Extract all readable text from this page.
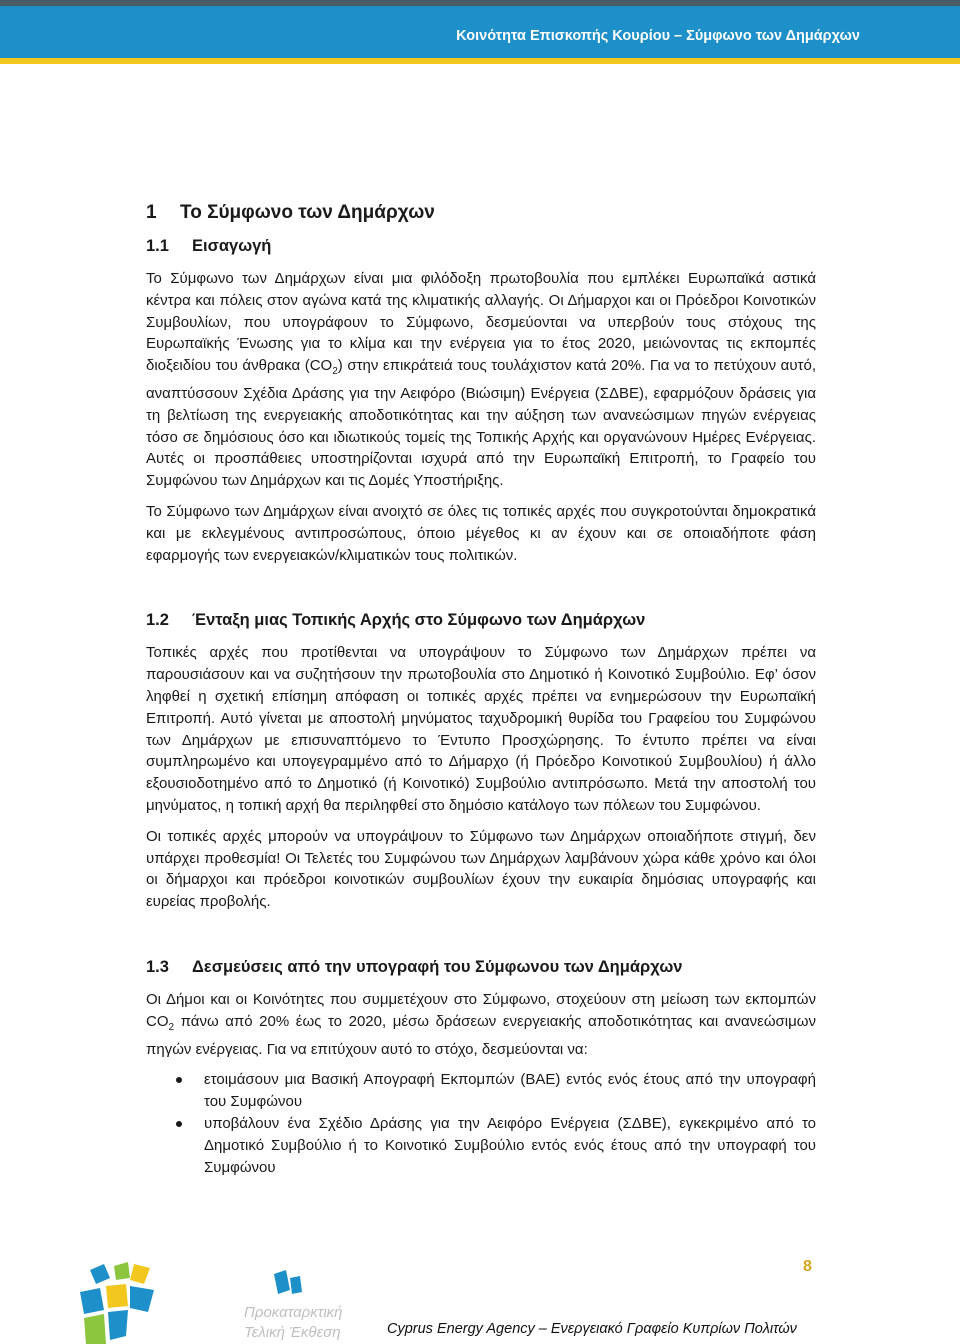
Κοινότητα Επισκοπής Κουρίου – Σύμφωνο των Δημάρχων
1 Το Σύμφωνο των Δημάρχων
1.1 Εισαγωγή

Το Σύμφωνο των Δημάρχων είναι μια φιλόδοξη πρωτοβουλία που εμπλέκει Ευρωπαϊκά αστικά κέντρα και πόλεις στον αγώνα κατά της κλιματικής αλλαγής. Οι Δήμαρχοι και οι Πρόεδροι Κοινοτικών Συμβουλίων, που υπογράφουν το Σύμφωνο, δεσμεύονται να υπερβούν τους στόχους της Ευρωπαϊκής Ένωσης για το κλίμα και την ενέργεια για το έτος 2020, μειώνοντας τις εκπομπές διοξειδίου του άνθρακα $(CO_2)$ στην επικράτειά τους τουλάχιστον κατά 20%. Για να το πετύχουν αυτό, αναπτύσσουν Σχέδια Δράσης για την Αειφόρο (Βιώσιμη) Ενέργεια (ΣΔΒΕ), εφαρμόζουν δράσεις για τη βελτίωση της ενεργειακής αποδοτικότητας και την αύξηση των ανανεώσιμων πηγών ενέργειας τόσο σε δημόσιους όσο και ιδιωτικούς τομείς της Τοπικής Αρχής και οργανώνουν Ημέρες Ενέργειας. Αυτές οι προσπάθειες υποστηρίζονται ισχυρά από την Ευρωπαϊκή Επιτροπή, το Γραφείο του Συμφώνου των Δημάρχων και τις Δομές Υποστήριξης.

Το Σύμφωνο των Δημάρχων είναι ανοιχτό σε όλες τις τοπικές αρχές που συγκροτούνται δημοκρατικά και με εκλεγμένους αντιπροσώπους, όποιο μέγεθος κι αν έχουν και σε οποιαδήποτε φάση εφαρμογής των ενεργειακών/κλιματικών τους πολιτικών.

1.2 Ένταξη μιας Τοπικής Αρχής στο Σύμφωνο των Δημάρχων

Τοπικές αρχές που προτίθενται να υπογράψουν το Σύμφωνο των Δημάρχων πρέπει να παρουσιάσουν και να συζητήσουν την πρωτοβουλία στο Δημοτικό ή Κοινοτικό Συμβούλιο. Εφ’ όσον ληφθεί η σχετική επίσημη απόφαση οι τοπικές αρχές πρέπει να ενημερώσουν την Ευρωπαϊκή Επιτροπή. Αυτό γίνεται με αποστολή μηνύματος ταχυδρομική θυρίδα του Γραφείου του Συμφώνου των Δημάρχων με επισυναπτόμενο το Έντυπο Προσχώρησης. Το έντυπο πρέπει να είναι συμπληρωμένο και υπογεγραμμένο από το Δήμαρχο (ή Πρόεδρο Κοινοτικού Συμβουλίου) ή άλλο εξουσιοδοτημένο από το Δημοτικό (ή Κοινοτικό) Συμβούλιο αντιπρόσωπο. Μετά την αποστολή του μηνύματος, η τοπική αρχή θα περιληφθεί στο δημόσιο κατάλογο των πόλεων του Συμφώνου.

Οι τοπικές αρχές μπορούν να υπογράψουν το Σύμφωνο των Δημάρχων οποιαδήποτε στιγμή, δεν υπάρχει προθεσμία! Οι Τελετές του Συμφώνου των Δημάρχων λαμβάνουν χώρα κάθε χρόνο και όλοι οι δήμαρχοι και πρόεδροι κοινοτικών συμβουλίων έχουν την ευκαιρία δημόσιας υπογραφής και ευρείας προβολής.

1.3 Δεσμεύσεις από την υπογραφή του Σύμφωνου των Δημάρχων

Οι Δήμοι και οι Κοινότητες που συμμετέχουν στο Σύμφωνο, στοχεύουν στη μείωση των εκπομπών $CO_2$ πάνω από 20% έως το 2020, μέσω δράσεων ενεργειακής αποδοτικότητας και ανανεώσιμων πηγών ενέργειας. Για να επιτύχουν αυτό το στόχο, δεσμεύονται να:

ετοιμάσουν μια Βασική Απογραφή Εκπομπών (ΒΑΕ) εντός ενός έτους από την υπογραφή του Συμφώνου
υποβάλουν ένα Σχέδιο Δράσης για την Αειφόρο Ενέργεια (ΣΔΒΕ), εγκεκριμένο από το Δημοτικό Συμβούλιο ή το Κοινοτικό Συμβούλιο εντός ενός έτους από την υπογραφή του Συμφώνου
Προκαταρκτική
Τελική Έκθεση	Cyprus Energy Agency – Ενεργειακό Γραφείο Κυπρίων Πολιτών
8
